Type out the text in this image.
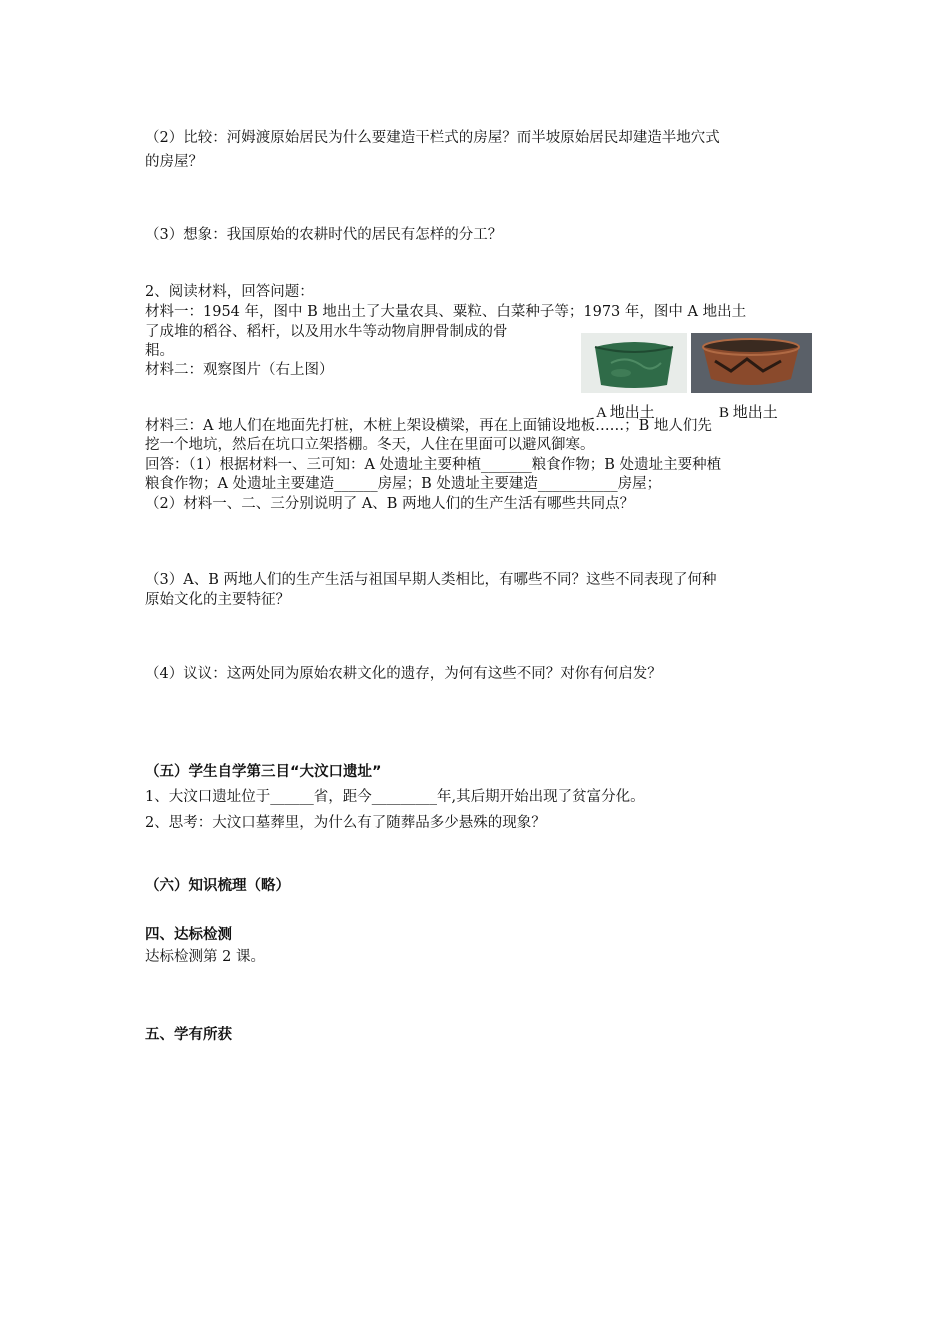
（2）比较：河姆渡原始居民为什么要建造干栏式的房屋？而半坡原始居民却建造半地穴式
的房屋？
（3）想象：我国原始的农耕时代的居民有怎样的分工？
2、阅读材料，回答问题：
材料一：1954 年，图中 B 地出土了大量农具、粟粒、白菜种子等；1973 年，图中 A 地出土
了成堆的稻谷、稻杆，以及用水牛等动物肩胛骨制成的骨
耜。
材料二：观察图片（右上图）
A 地出土	B 地出土
材料三：A 地人们在地面先打桩，木桩上架设横梁，再在上面铺设地板……；B 地人们先
挖一个地坑，然后在坑口立架搭棚。冬天，人住在里面可以避风御寒。
回答：（1）根据材料一、三可知：A 处遗址主要种植_______粮食作物；B 处遗址主要种植
粮食作物；A 处遗址主要建造______房屋；B 处遗址主要建造___________房屋；
（2）材料一、二、三分别说明了 A、B 两地人们的生产生活有哪些共同点？
（3）A、B 两地人们的生产生活与祖国早期人类相比，有哪些不同？这些不同表现了何种
原始文化的主要特征？
（4）议议：这两处同为原始农耕文化的遗存，为何有这些不同？对你有何启发？
（五）学生自学第三目“大汶口遗址”
1、大汶口遗址位于______省，距今_________年,其后期开始出现了贫富分化。
2、思考：大汶口墓葬里，为什么有了随葬品多少悬殊的现象？
（六）知识梳理（略）
四、达标检测
达标检测第 2 课。
五、学有所获
